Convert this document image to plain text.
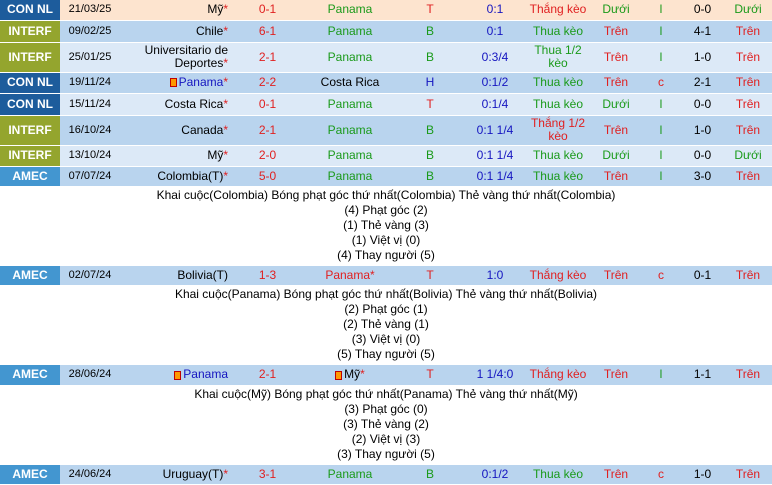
CON NL	21/03/25	Mỹ*	0-1	Panama	T	0:1	Thắng kèo	Dưới	l	0-0	Dưới
INTERF	09/02/25	Chile*	6-1	Panama	B	0:1	Thua kèo	Trên	l	4-1	Trên
INTERF	25/01/25	Universitario de Deportes*	2-1	Panama	B	0:3/4	Thua 1/2 kèo	Trên	l	1-0	Trên
CON NL	19/11/24	Panama*	2-2	Costa Rica	H	0:1/2	Thua kèo	Trên	c	2-1	Trên
CON NL	15/11/24	Costa Rica*	0-1	Panama	T	0:1/4	Thua kèo	Dưới	l	0-0	Trên
INTERF	16/10/24	Canada*	2-1	Panama	B	0:1 1/4	Thắng 1/2 kèo	Trên	l	1-0	Trên
INTERF	13/10/24	Mỹ*	2-0	Panama	B	0:1 1/4	Thua kèo	Dưới	l	0-0	Dưới
AMEC	07/07/24	Colombia(T)*	5-0	Panama	B	0:1 1/4	Thua kèo	Trên	l	3-0	Trên

Khai cuộc(Colombia) Bóng phạt góc thứ nhất(Colombia) Thẻ vàng thứ nhất(Colombia)
(4) Phạt góc (2)
(1) Thẻ vàng (3)
(1) Việt vị (0)
(4) Thay người (5)											

AMEC	02/07/24	Bolivia(T)	1-3	Panama*	T	1:0	Thắng kèo	Trên	c	0-1	Trên

Khai cuộc(Panama) Bóng phạt góc thứ nhất(Bolivia) Thẻ vàng thứ nhất(Bolivia)
(2) Phạt góc (1)
(2) Thẻ vàng (1)
(3) Việt vị (0)
(5) Thay người (5)											

AMEC	28/06/24	Panama	2-1	Mỹ*	T	1 1/4:0	Thắng kèo	Trên	l	1-1	Trên

Khai cuộc(Mỹ) Bóng phạt góc thứ nhất(Panama) Thẻ vàng thứ nhất(Mỹ)
(3) Phạt góc (0)
(3) Thẻ vàng (2)
(2) Việt vị (3)
(3) Thay người (5)											

AMEC	24/06/24	Uruguay(T)*	3-1	Panama	B	0:1/2	Thua kèo	Trên	c	1-0	Trên
